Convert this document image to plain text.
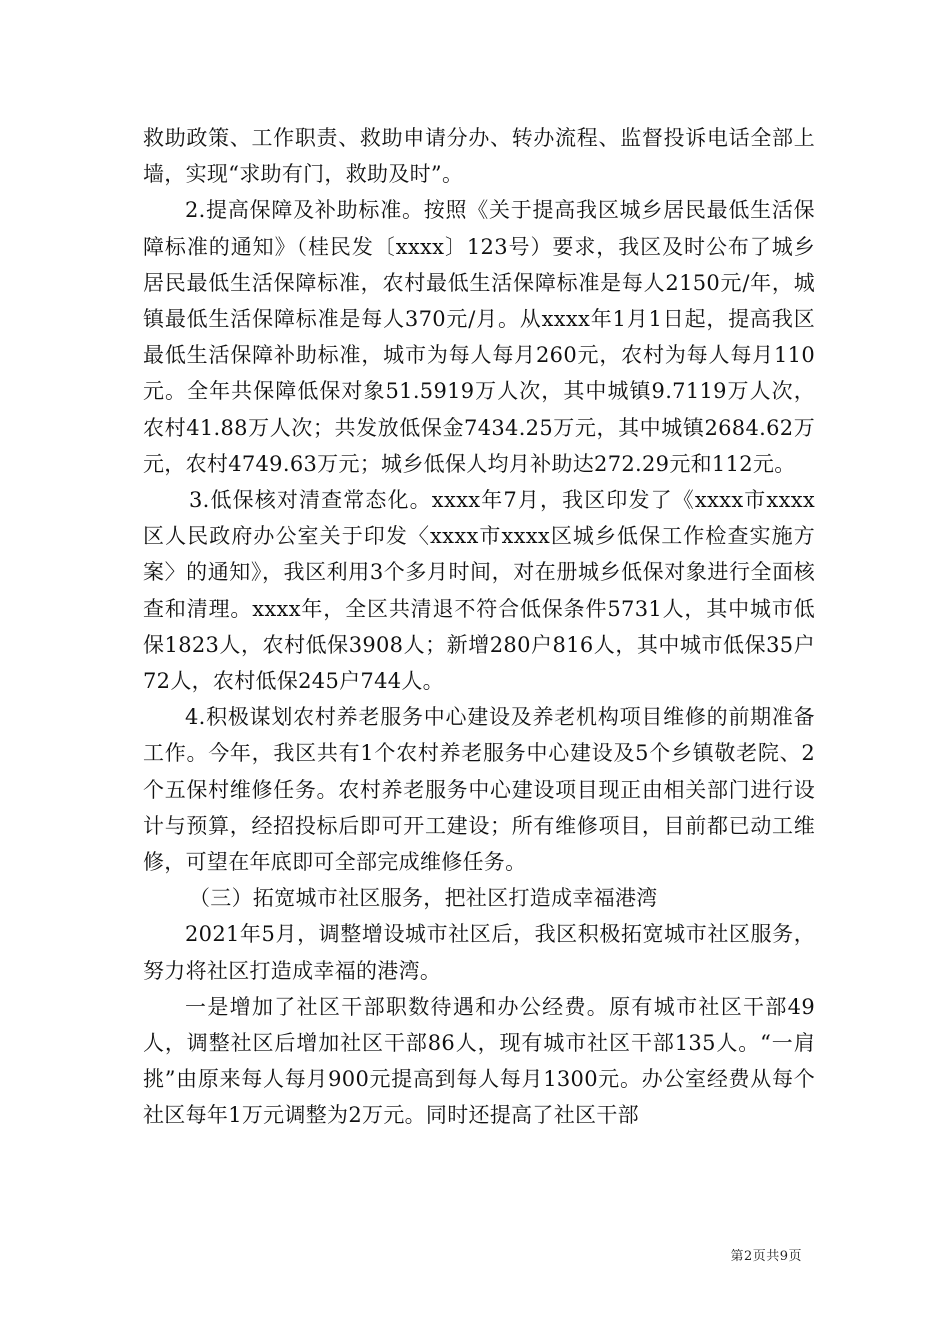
救助政策、工作职责、救助申请分办、转办流程、监督投诉电话全部上墙，实现“求助有门，救助及时”。

2.提高保障及补助标准。按照《关于提高我区城乡居民最低生活保障标准的通知》（桂民发〔xxxx〕123号）要求，我区及时公布了城乡居民最低生活保障标准，农村最低生活保障标准是每人2150元/年，城镇最低生活保障标准是每人370元/月。从xxxx年1月1日起，提高我区最低生活保障补助标准，城市为每人每月260元，农村为每人每月110元。全年共保障低保对象51.5919万人次，其中城镇9.7119万人次，农村41.88万人次；共发放低保金7434.25万元，其中城镇2684.62万元，农村4749.63万元；城乡低保人均月补助达272.29元和112元。

3.低保核对清查常态化。xxxx年7月，我区印发了《xxxx市xxxx区人民政府办公室关于印发〈xxxx市xxxx区城乡低保工作检查实施方案〉的通知》，我区利用3个多月时间，对在册城乡低保对象进行全面核查和清理。xxxx年，全区共清退不符合低保条件5731人，其中城市低保1823人，农村低保3908人；新增280户816人，其中城市低保35户72人，农村低保245户744人。

4.积极谋划农村养老服务中心建设及养老机构项目维修的前期准备工作。今年，我区共有1个农村养老服务中心建设及5个乡镇敬老院、2个五保村维修任务。农村养老服务中心建设项目现正由相关部门进行设计与预算，经招投标后即可开工建设；所有维修项目，目前都已动工维修，可望在年底即可全部完成维修任务。

（三）拓宽城市社区服务，把社区打造成幸福港湾

2021年5月，调整增设城市社区后，我区积极拓宽城市社区服务，努力将社区打造成幸福的港湾。

一是增加了社区干部职数待遇和办公经费。原有城市社区干部49人，调整社区后增加社区干部86人，现有城市社区干部135人。“一肩挑”由原来每人每月900元提高到每人每月1300元。办公室经费从每个社区每年1万元调整为2万元。同时还提高了社区干部

第2页共9页
